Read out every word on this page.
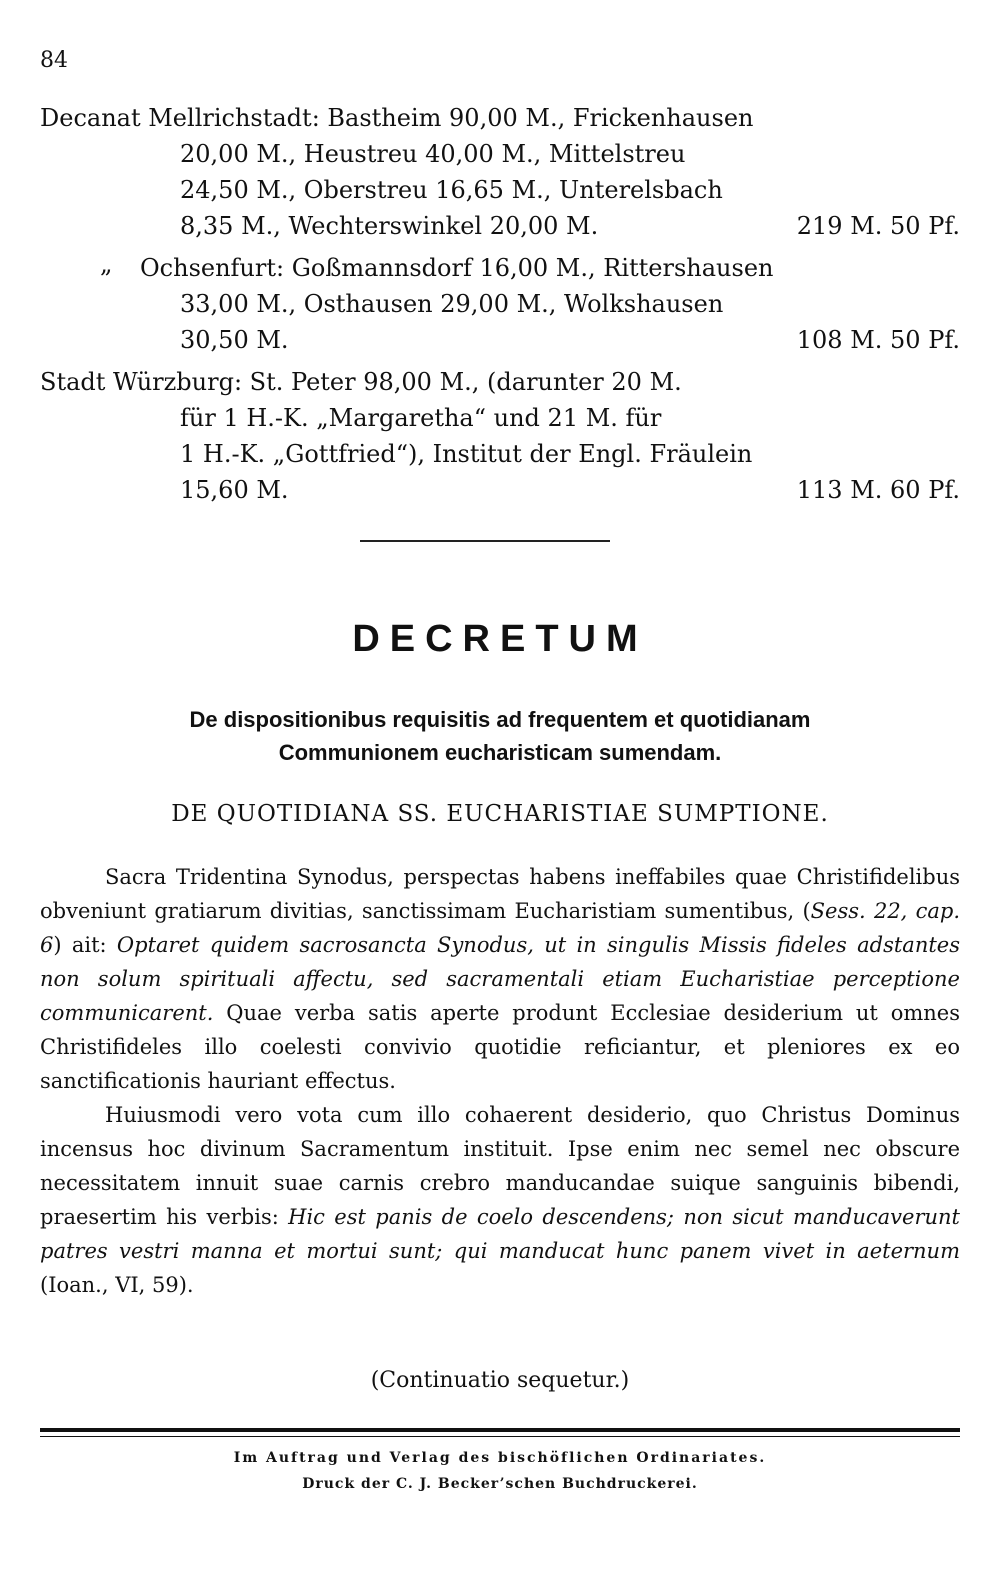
84
Decanat Mellrichstadt: Bastheim 90,00 M., Frickenhausen
20,00 M., Heustreu 40,00 M., Mittelstreu
24,50 M., Oberstreu 16,65 M., Unterelsbach
8,35 M., Wechterswinkel 20,00 M.	219 M. 50 Pf.
„	Ochsenfurt: Goßmannsdorf 16,00 M., Rittershausen
33,00 M., Osthausen 29,00 M., Wolkshausen
30,50 M.	108 M. 50 Pf.
Stadt Würzburg: St. Peter 98,00 M., (darunter 20 M.
für 1 H.-K. „Margaretha“ und 21 M. für
1 H.-K. „Gottfried“), Institut der Engl. Fräulein
15,60 M.	113 M. 60 Pf.
DECRETUM
De dispositionibus requisitis ad frequentem et quotidianam
Communionem eucharisticam sumendam.
DE QUOTIDIANA SS. EUCHARISTIAE SUMPTIONE.

Sacra Tridentina Synodus, perspectas habens ineffabiles quae Christifidelibus obveniunt gratiarum divitias, sanctissimam Eucharistiam sumentibus, (Sess. 22, cap. 6) ait: Optaret quidem sacrosancta Synodus, ut in singulis Missis fideles adstantes non solum spirituali affectu, sed sacramentali etiam Eucharistiae perceptione communicarent. Quae verba satis aperte produnt Ecclesiae desiderium ut omnes Christifideles illo coelesti convivio quotidie reficiantur, et pleniores ex eo sanctificationis hauriant effectus.

Huiusmodi vero vota cum illo cohaerent desiderio, quo Christus Dominus incensus hoc divinum Sacramentum instituit. Ipse enim nec semel nec obscure necessitatem innuit suae carnis crebro manducandae suique sanguinis bibendi, praesertim his verbis: Hic est panis de coelo descendens; non sicut manducaverunt patres vestri manna et mortui sunt; qui manducat hunc panem vivet in aeternum (Ioan., VI, 59).

(Continuatio sequetur.)
Im Auftrag und Verlag des bischöflichen Ordinariates.
Druck der C. J. Becker’schen Buchdruckerei.
